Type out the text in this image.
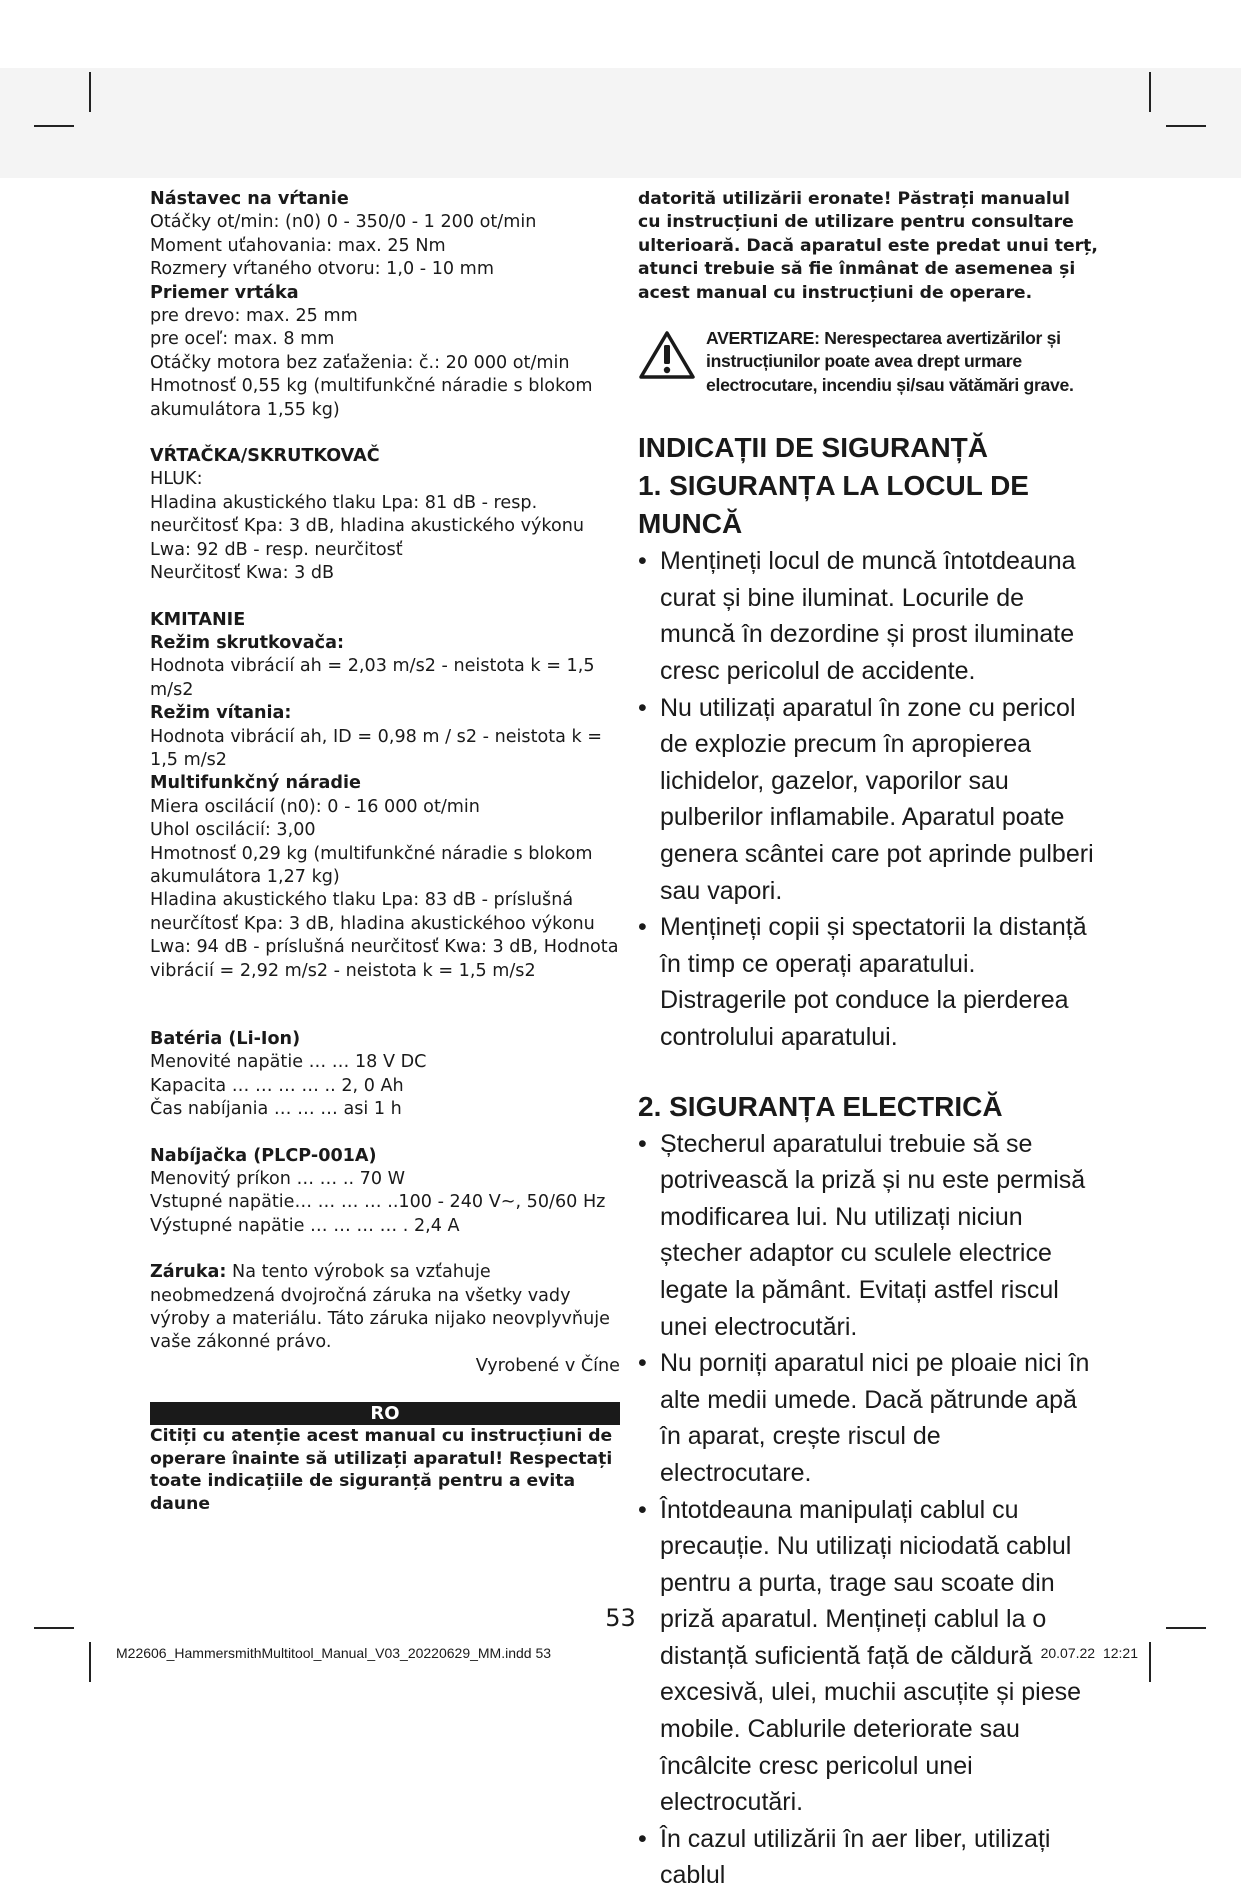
Nástavec na vŕtanie

Otáčky ot/min: (n0) 0 - 350/0 - 1 200 ot/min

Moment uťahovania: max. 25 Nm

Rozmery vŕtaného otvoru: 1,0 - 10 mm

Priemer vrtáka

pre drevo: max. 25 mm

pre oceľ: max. 8 mm

Otáčky motora bez zaťaženia: č.: 20 000 ot/min

Hmotnosť 0,55 kg (multifunkčné náradie s blokom akumulátora 1,55 kg)

VŔTAČKA/SKRUTKOVAČ

HLUK:

Hladina akustického tlaku Lpa: 81 dB - resp. neurčitosť Kpa: 3 dB, hladina akustického výkonu Lwa: 92 dB - resp. neurčitosť

Neurčitosť Kwa: 3 dB

KMITANIE

Režim skrutkovača:

Hodnota vibrácií ah = 2,03 m/s2 - neistota k = 1,5 m/s2

Režim vítania:

Hodnota vibrácií ah, ID = 0,98 m / s2 - neistota k = 1,5 m/s2

Multifunkčný náradie

Miera oscilácií (n0): 0 - 16 000 ot/min

Uhol oscilácií: 3,00

Hmotnosť 0,29 kg (multifunkčné náradie s blokom akumulátora 1,27 kg)

Hladina akustického tlaku Lpa: 83 dB - príslušná neurčítosť Kpa: 3 dB, hladina akustickéhoo výkonu Lwa: 94 dB - príslušná neurčitosť Kwa: 3 dB, Hodnota vibrácií = 2,92 m/s2 - neistota k = 1,5 m/s2

Batéria (Li-Ion)

Menovité napätie … … 18 V DC

Kapacita … … … … .. 2, 0 Ah

Čas nabíjania … … … asi 1 h

Nabíjačka (PLCP-001A)

Menovitý príkon … … .. 70 W

Vstupné napätie… … … … ..100 - 240 V~, 50/60 Hz

Výstupné napätie … … … … . 2,4 A

Záruka: Na tento výrobok sa vzťahuje neobmedzená dvojročná záruka na všetky vady výroby a materiálu. Táto záruka nijako neovplyvňuje vaše zákonné právo.

Vyrobené v Číne

RO

Citiți cu atenție acest manual cu instrucțiuni de operare înainte să utilizați aparatul! Respectați toate indicațiile de siguranță pentru a evita daune

datorită utilizării eronate! Păstrați manualul cu instrucțiuni de utilizare pentru consultare ulterioară. Dacă aparatul este predat unui terț, atunci trebuie să fie înmânat de asemenea și acest manual cu instrucțiuni de operare.
AVERTIZARE: Nerespectarea avertizărilor și instrucțiunilor poate avea drept urmare electrocutare, incendiu și/sau vătămări grave.
INDICAȚII DE SIGURANȚĂ
1. SIGURANȚA LA LOCUL DE MUNCĂ
• Mențineți locul de muncă întotdeauna curat și bine iluminat. Locurile de muncă în dezordine și prost iluminate cresc pericolul de accidente.
• Nu utilizați aparatul în zone cu pericol de explozie precum în apropierea lichidelor, gazelor, vaporilor sau pulberilor inflamabile. Aparatul poate genera scântei care pot aprinde pulberi sau vapori.
• Mențineți copii și spectatorii la distanță în timp ce operați aparatului. Distragerile pot conduce la pierderea controlului aparatului.
2. SIGURANȚA ELECTRICĂ
• Ștecherul aparatului trebuie să se potrivească la priză și nu este permisă modificarea lui. Nu utilizați niciun ștecher adaptor cu sculele electrice legate la pământ. Evitați astfel riscul unei electrocutări.
• Nu porniți aparatul nici pe ploaie nici în alte medii umede. Dacă pătrunde apă în aparat, crește riscul de electrocutare.
• Întotdeauna manipulați cablul cu precauție. Nu utilizați niciodată cablul pentru a purta, trage sau scoate din priză aparatul. Mențineți cablul la o distanță suficientă față de căldură excesivă, ulei, muchii ascuțite și piese mobile. Cablurile deteriorate sau încâlcite cresc pericolul unei electrocutări.
• În cazul utilizării în aer liber, utilizați cablul
53
M22606_HammersmithMultitool_Manual_V03_20220629_MM.indd 53	20.07.22 12:21
